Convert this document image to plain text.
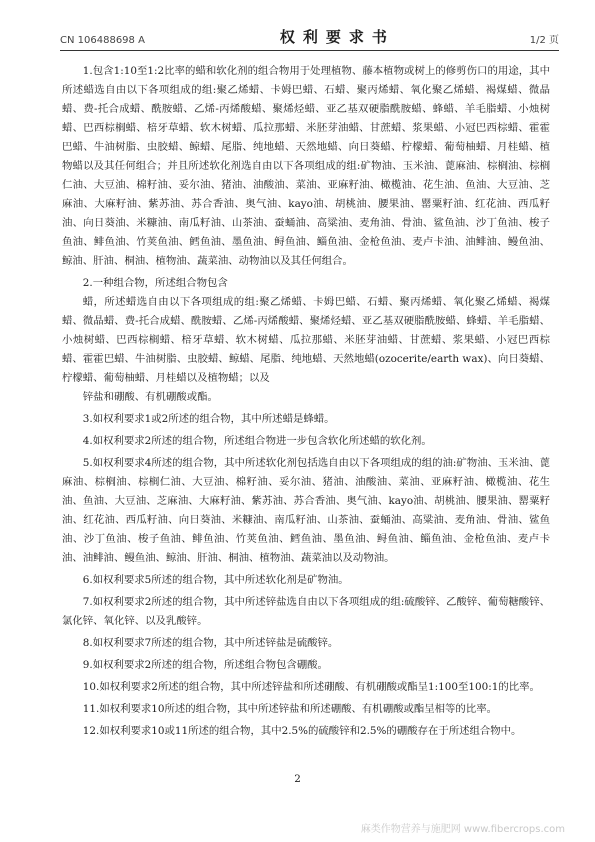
CN 106488698 A	权利要求书	1/2 页

1.包含1:10至1:2比率的蜡和软化剂的组合物用于处理植物、藤本植物或树上的修剪伤口的用途，其中所述蜡选自由以下各项组成的组:聚乙烯蜡、卡姆巴蜡、石蜡、聚丙烯蜡、氧化聚乙烯蜡、褐煤蜡、微晶蜡、费-托合成蜡、酰胺蜡、乙烯-丙烯酸蜡、聚烯烃蜡、亚乙基双硬脂酰胺蜡、蜂蜡、羊毛脂蜡、小烛树蜡、巴西棕榈蜡、棓牙草蜡、软木树蜡、瓜拉那蜡、米胚芽油蜡、甘蔗蜡、浆果蜡、小冠巴西棕蜡、霍霍巴蜡、牛油树脂、虫胶蜡、鲸蜡、尾脂、纯地蜡、天然地蜡、向日葵蜡、柠檬蜡、葡萄柚蜡、月桂蜡、植物蜡以及其任何组合；并且所述软化剂选自由以下各项组成的组:矿物油、玉米油、蓖麻油、棕榈油、棕榈仁油、大豆油、棉籽油、妥尔油、猪油、油酸油、菜油、亚麻籽油、橄榄油、花生油、鱼油、大豆油、芝麻油、大麻籽油、紫苏油、苏合香油、奥气油、kayo油、胡桃油、腰果油、罂粟籽油、红花油、西瓜籽油、向日葵油、米糠油、南瓜籽油、山茶油、蚕蛹油、高粱油、麦角油、骨油、鲨鱼油、沙丁鱼油、梭子鱼油、鲱鱼油、竹荚鱼油、鳕鱼油、墨鱼油、鲟鱼油、鲻鱼油、金枪鱼油、麦卢卡油、油鲱油、鳗鱼油、鲸油、肝油、桐油、植物油、蔬菜油、动物油以及其任何组合。

2.一种组合物，所述组合物包含

蜡，所述蜡选自由以下各项组成的组:聚乙烯蜡、卡姆巴蜡、石蜡、聚丙烯蜡、氧化聚乙烯蜡、褐煤蜡、微晶蜡、费-托合成蜡、酰胺蜡、乙烯-丙烯酸蜡、聚烯烃蜡、亚乙基双硬脂酰胺蜡、蜂蜡、羊毛脂蜡、小烛树蜡、巴西棕榈蜡、棓牙草蜡、软木树蜡、瓜拉那蜡、米胚芽油蜡、甘蔗蜡、浆果蜡、小冠巴西棕蜡、霍霍巴蜡、牛油树脂、虫胶蜡、鲸蜡、尾脂、纯地蜡、天然地蜡(ozocerite/earth wax)、向日葵蜡、柠檬蜡、葡萄柚蜡、月桂蜡以及植物蜡；以及

锌盐和硼酸、有机硼酸或酯。

3.如权利要求1或2所述的组合物，其中所述蜡是蜂蜡。

4.如权利要求2所述的组合物，所述组合物进一步包含软化所述蜡的软化剂。

5.如权利要求4所述的组合物，其中所述软化剂包括选自由以下各项组成的组的油:矿物油、玉米油、蓖麻油、棕榈油、棕榈仁油、大豆油、棉籽油、妥尔油、猪油、油酸油、菜油、亚麻籽油、橄榄油、花生油、鱼油、大豆油、芝麻油、大麻籽油、紫苏油、苏合香油、奥气油、kayo油、胡桃油、腰果油、罂粟籽油、红花油、西瓜籽油、向日葵油、米糠油、南瓜籽油、山茶油、蚕蛹油、高粱油、麦角油、骨油、鲨鱼油、沙丁鱼油、梭子鱼油、鲱鱼油、竹荚鱼油、鳕鱼油、墨鱼油、鲟鱼油、鲻鱼油、金枪鱼油、麦卢卡油、油鲱油、鳗鱼油、鲸油、肝油、桐油、植物油、蔬菜油以及动物油。

6.如权利要求5所述的组合物，其中所述软化剂是矿物油。

7.如权利要求2所述的组合物，其中所述锌盐选自由以下各项组成的组:硫酸锌、乙酸锌、葡萄糖酸锌、氯化锌、氧化锌、以及乳酸锌。

8.如权利要求7所述的组合物，其中所述锌盐是硫酸锌。

9.如权利要求2所述的组合物，所述组合物包含硼酸。

10.如权利要求2所述的组合物，其中所述锌盐和所述硼酸、有机硼酸或酯呈1:100至100:1的比率。

11.如权利要求10所述的组合物，其中所述锌盐和所述硼酸、有机硼酸或酯呈相等的比率。

12.如权利要求10或11所述的组合物，其中2.5%的硫酸锌和2.5%的硼酸存在于所述组合物中。

2
麻类作物营养与施肥网 www.fibercrops.com
